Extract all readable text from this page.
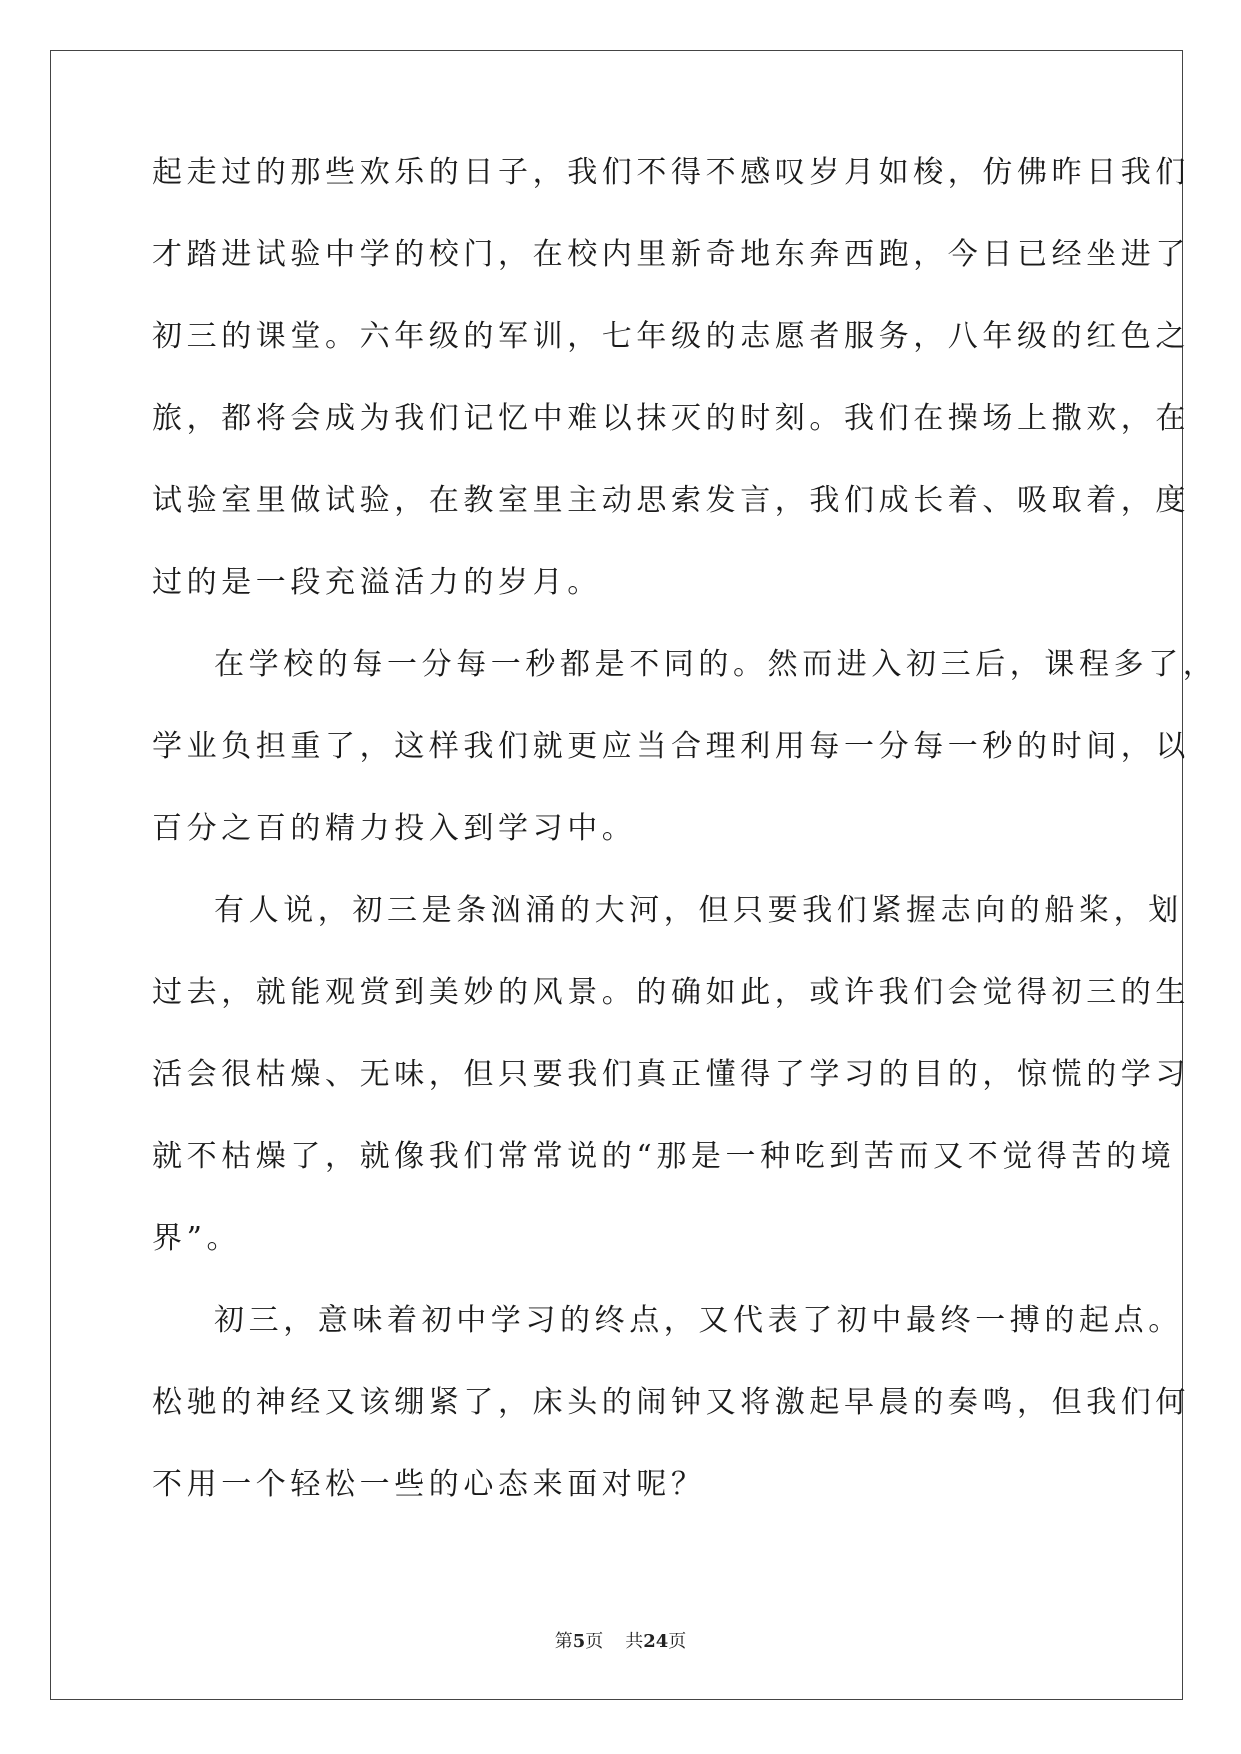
起走过的那些欢乐的日子，我们不得不感叹岁月如梭，仿佛昨日我们
才踏进试验中学的校门，在校内里新奇地东奔西跑，今日已经坐进了
初三的课堂。六年级的军训，七年级的志愿者服务，八年级的红色之
旅，都将会成为我们记忆中难以抹灭的时刻。我们在操场上撒欢，在
试验室里做试验，在教室里主动思索发言，我们成长着、吸取着，度
过的是一段充溢活力的岁月。
在学校的每一分每一秒都是不同的。然而进入初三后，课程多了，
学业负担重了，这样我们就更应当合理利用每一分每一秒的时间，以
百分之百的精力投入到学习中。
有人说，初三是条汹涌的大河，但只要我们紧握志向的船桨，划
过去，就能观赏到美妙的风景。的确如此，或许我们会觉得初三的生
活会很枯燥、无味，但只要我们真正懂得了学习的目的，惊慌的学习
就不枯燥了，就像我们常常说的“那是一种吃到苦而又不觉得苦的境
界”。
初三，意味着初中学习的终点，又代表了初中最终一搏的起点。
松驰的神经又该绷紧了，床头的闹钟又将激起早晨的奏鸣，但我们何
不用一个轻松一些的心态来面对呢？
第5页 共24页
